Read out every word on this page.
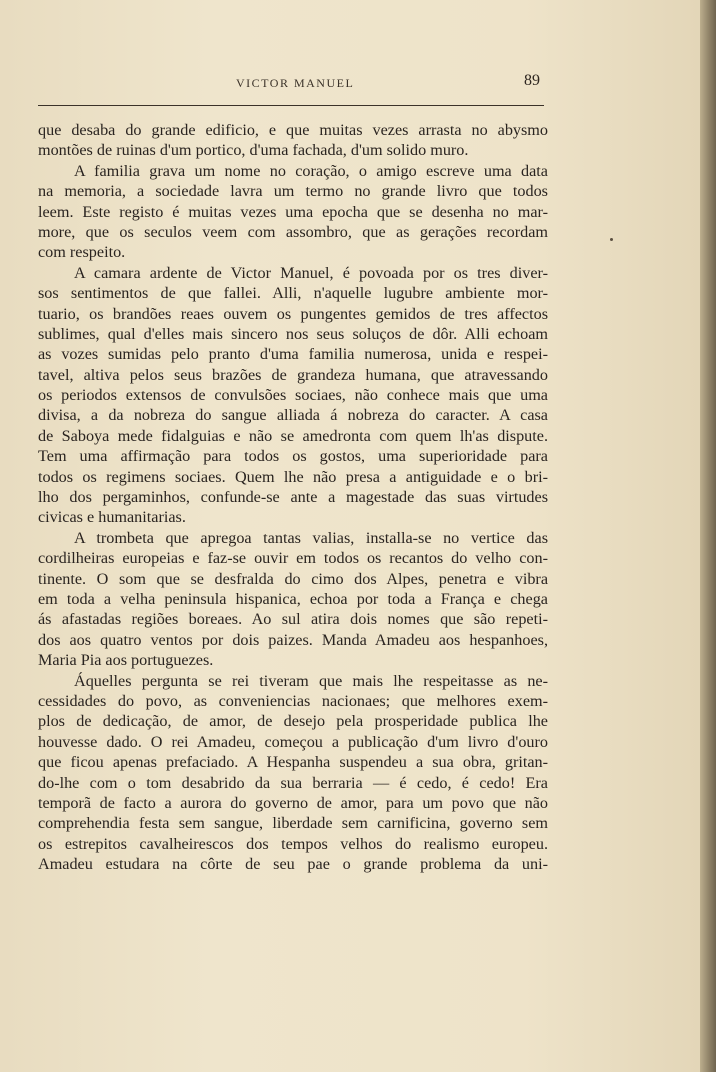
VICTOR MANUEL	89
que desaba do grande edificio, e que muitas vezes arrasta no abysmo
montões de ruinas d'um portico, d'uma fachada, d'um solido muro.
A familia grava um nome no coração, o amigo escreve uma data
na memoria, a sociedade lavra um termo no grande livro que todos
leem. Este registo é muitas vezes uma epocha que se desenha no mar-
more, que os seculos veem com assombro, que as gerações recordam
com respeito.
A camara ardente de Victor Manuel, é povoada por os tres diver-
sos sentimentos de que fallei. Alli, n'aquelle lugubre ambiente mor-
tuario, os brandões reaes ouvem os pungentes gemidos de tres affectos
sublimes, qual d'elles mais sincero nos seus soluços de dôr. Alli echoam
as vozes sumidas pelo pranto d'uma familia numerosa, unida e respei-
tavel, altiva pelos seus brazões de grandeza humana, que atravessando
os periodos extensos de convulsões sociaes, não conhece mais que uma
divisa, a da nobreza do sangue alliada á nobreza do caracter. A casa
de Saboya mede fidalguias e não se amedronta com quem lh'as dispute.
Tem uma affirmação para todos os gostos, uma superioridade para
todos os regimens sociaes. Quem lhe não presa a antiguidade e o bri-
lho dos pergaminhos, confunde-se ante a magestade das suas virtudes
civicas e humanitarias.
A trombeta que apregoa tantas valias, installa-se no vertice das
cordilheiras europeias e faz-se ouvir em todos os recantos do velho con-
tinente. O som que se desfralda do cimo dos Alpes, penetra e vibra
em toda a velha peninsula hispanica, echoa por toda a França e chega
ás afastadas regiões boreaes. Ao sul atira dois nomes que são repeti-
dos aos quatro ventos por dois paizes. Manda Amadeu aos hespanhoes,
Maria Pia aos portuguezes.
Áquelles pergunta se rei tiveram que mais lhe respeitasse as ne-
cessidades do povo, as conveniencias nacionaes; que melhores exem-
plos de dedicação, de amor, de desejo pela prosperidade publica lhe
houvesse dado. O rei Amadeu, começou a publicação d'um livro d'ouro
que ficou apenas prefaciado. A Hespanha suspendeu a sua obra, gritan-
do-lhe com o tom desabrido da sua berraria — é cedo, é cedo! Era
temporã de facto a aurora do governo de amor, para um povo que não
comprehendia festa sem sangue, liberdade sem carnificina, governo sem
os estrepitos cavalheirescos dos tempos velhos do realismo europeu.
Amadeu estudara na côrte de seu pae o grande problema da uni-
